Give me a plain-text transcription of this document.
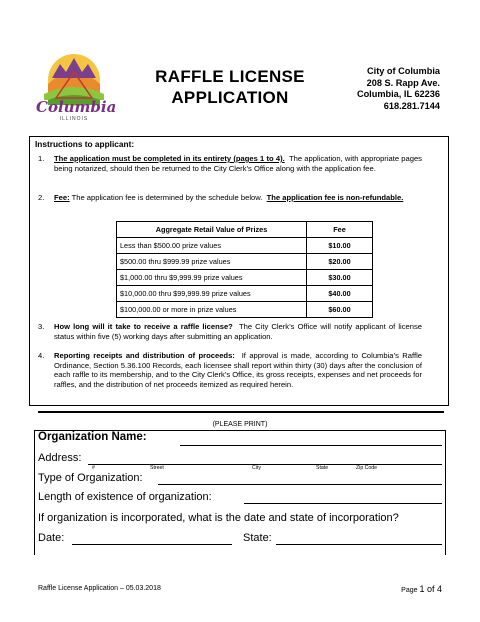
Columbia
ILLINOIS
RAFFLE LICENSE
APPLICATION
City of Columbia
208 S. Rapp Ave.
Columbia, IL 62236
618.281.7144
Instructions to applicant:
1. The application must be completed in its entirety (pages 1 to 4). The application, with appropriate pages being notarized, should then be returned to the City Clerk’s Office along with the application fee.
2. Fee: The application fee is determined by the schedule below. The application fee is non-refundable.
Aggregate Retail Value of Prizes	Fee
Less than $500.00 prize values	$10.00
$500.00 thru $999.99 prize values	$20.00
$1,000.00 thru $9,999.99 prize values	$30.00
$10,000.00 thru $99,999.99 prize values	$40.00
$100,000.00 or more in prize values	$60.00
3. How long will it take to receive a raffle license? The City Clerk’s Office will notify applicant of license status within five (5) working days after submitting an application.
4. Reporting receipts and distribution of proceeds: If approval is made, according to Columbia’s Raffle Ordinance, Section 5.36.100 Records, each licensee shall report within thirty (30) days after the conclusion of each raffle to its membership, and to the City Clerk’s Office, its gross receipts, expenses and net proceeds for raffles, and the distribution of net proceeds itemized as required herein.
(PLEASE PRINT)
Organization Name:
Address:
#	Street	City	State	Zip Code
Type of Organization:
Length of existence of organization:
If organization is incorporated, what is the date and state of incorporation?
Date:	State:
Raffle License Application – 05.03.2018	Page 1 of 4
